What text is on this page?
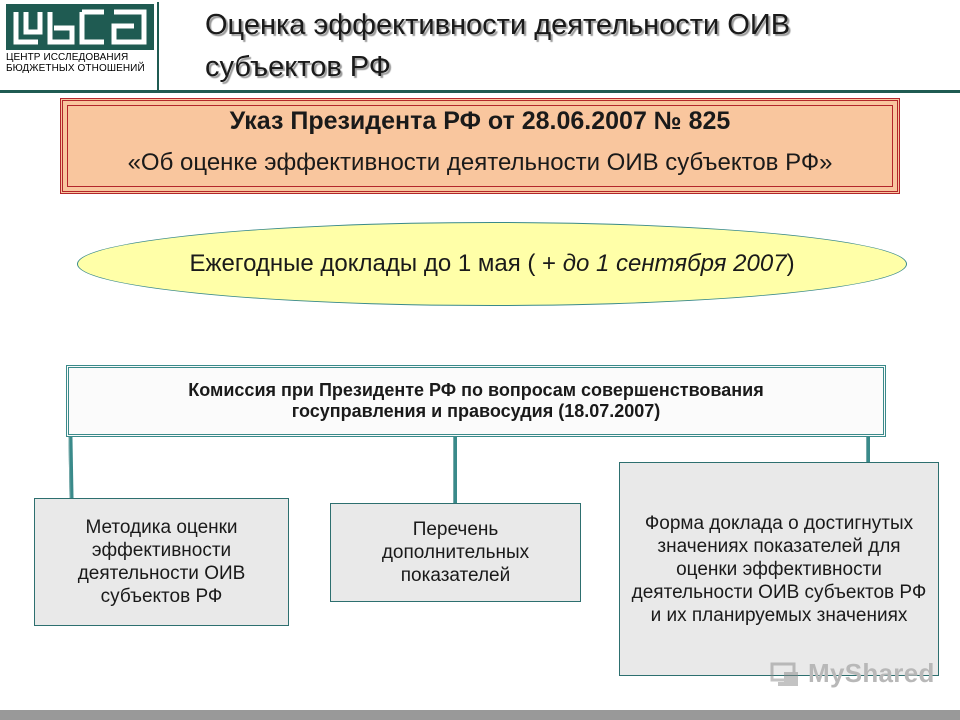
ЦЕНТР ИССЛЕДОВАНИЯ
БЮДЖЕТНЫХ ОТНОШЕНИЙ
Оценка эффективности деятельности ОИВ
субъектов РФ
Указ Президента РФ от 28.06.2007 № 825
«Об оценке эффективности деятельности ОИВ субъектов РФ»
Ежегодные доклады до 1 мая ( + до 1 сентября 2007)
Комиссия при Президенте РФ по вопросам совершенствования
госуправления и правосудия (18.07.2007)
Методика оценки эффективности деятельности ОИВ субъектов РФ
Перечень дополнительных показателей
Форма доклада о достигнутых значениях показателей для оценки эффективности деятельности ОИВ субъектов РФ и их планируемых значениях
MyShared
